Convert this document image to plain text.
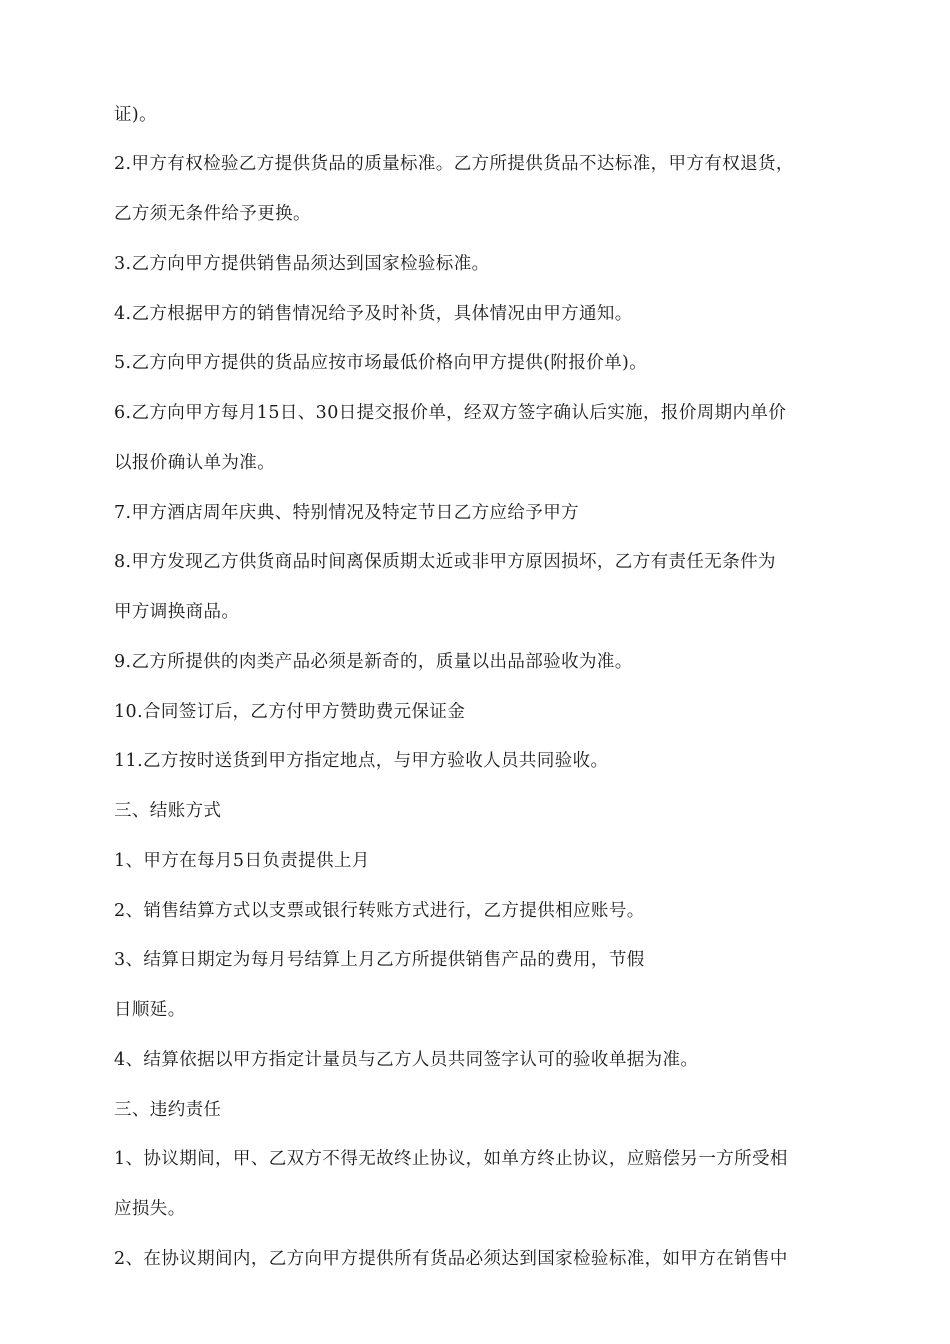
证)。
2.甲方有权检验乙方提供货品的质量标准。乙方所提供货品不达标准，甲方有权退货，
乙方须无条件给予更换。
3.乙方向甲方提供销售品须达到国家检验标准。
4.乙方根据甲方的销售情况给予及时补货，具体情况由甲方通知。
5.乙方向甲方提供的货品应按市场最低价格向甲方提供(附报价单)。
6.乙方向甲方每月15日、30日提交报价单，经双方签字确认后实施，报价周期内单价
以报价确认单为准。
7.甲方酒店周年庆典、特别情况及特定节日乙方应给予甲方
8.甲方发现乙方供货商品时间离保质期太近或非甲方原因损坏，乙方有责任无条件为
甲方调换商品。
9.乙方所提供的肉类产品必须是新奇的，质量以出品部验收为准。
10.合同签订后，乙方付甲方赞助费元保证金
11.乙方按时送货到甲方指定地点，与甲方验收人员共同验收。
三、结账方式
1、甲方在每月5日负责提供上月
2、销售结算方式以支票或银行转账方式进行，乙方提供相应账号。
3、结算日期定为每月号结算上月乙方所提供销售产品的费用，节假
日顺延。
4、结算依据以甲方指定计量员与乙方人员共同签字认可的验收单据为准。
三、违约责任
1、协议期间，甲、乙双方不得无故终止协议，如单方终止协议，应赔偿另一方所受相
应损失。
2、在协议期间内，乙方向甲方提供所有货品必须达到国家检验标准，如甲方在销售中
